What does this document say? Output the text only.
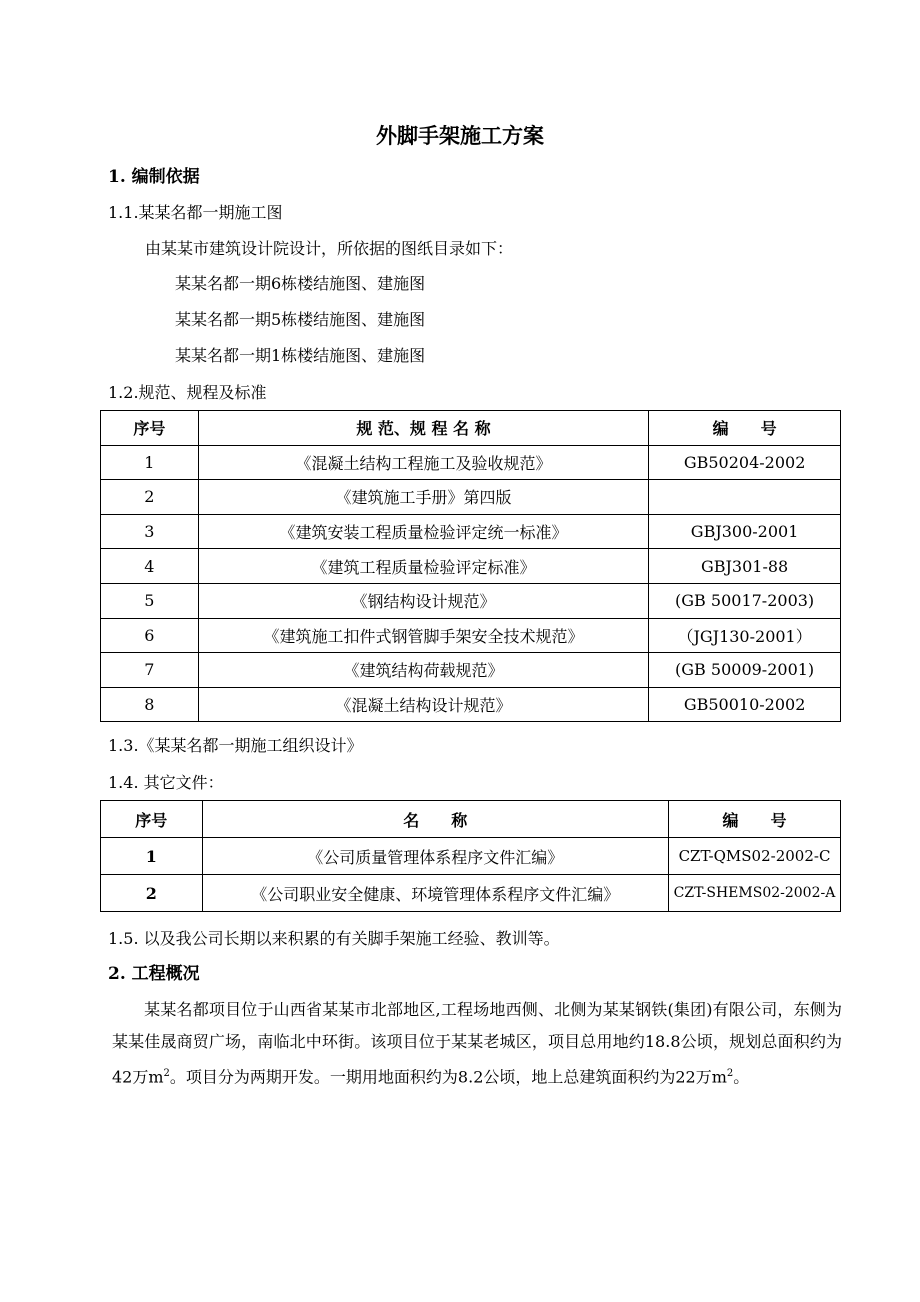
外脚手架施工方案
1. 编制依据
1.1.某某名都一期施工图
由某某市建筑设计院设计，所依据的图纸目录如下：
某某名都一期6栋楼结施图、建施图
某某名都一期5栋楼结施图、建施图
某某名都一期1栋楼结施图、建施图
1.2.规范、规程及标准
序号	规 范、规 程 名 称	编　　号
1	《混凝土结构工程施工及验收规范》	GB50204-2002
2	《建筑施工手册》第四版	
3	《建筑安装工程质量检验评定统一标准》	GBJ300-2001
4	《建筑工程质量检验评定标准》	GBJ301-88
5	《钢结构设计规范》	(GB 50017-2003)
6	《建筑施工扣件式钢管脚手架安全技术规范》	（JGJ130-2001）
7	《建筑结构荷载规范》	(GB 50009-2001)
8	《混凝土结构设计规范》	GB50010-2002
1.3.《某某名都一期施工组织设计》
1.4. 其它文件：
序号	名　　称	编　　号
1	《公司质量管理体系程序文件汇编》	CZT-QMS02-2002-C
2	《公司职业安全健康、环境管理体系程序文件汇编》	CZT-SHEMS02-2002-A
1.5. 以及我公司长期以来积累的有关脚手架施工经验、教训等。
2. 工程概况
某某名都项目位于山西省某某市北部地区,工程场地西侧、北侧为某某钢铁(集团)有限公司，东侧为某某佳晟商贸广场，南临北中环街。该项目位于某某老城区，项目总用地约18.8公顷，规划总面积约为42万$m^2$。项目分为两期开发。一期用地面积约为8.2公顷，地上总建筑面积约为22万$m^2$。
